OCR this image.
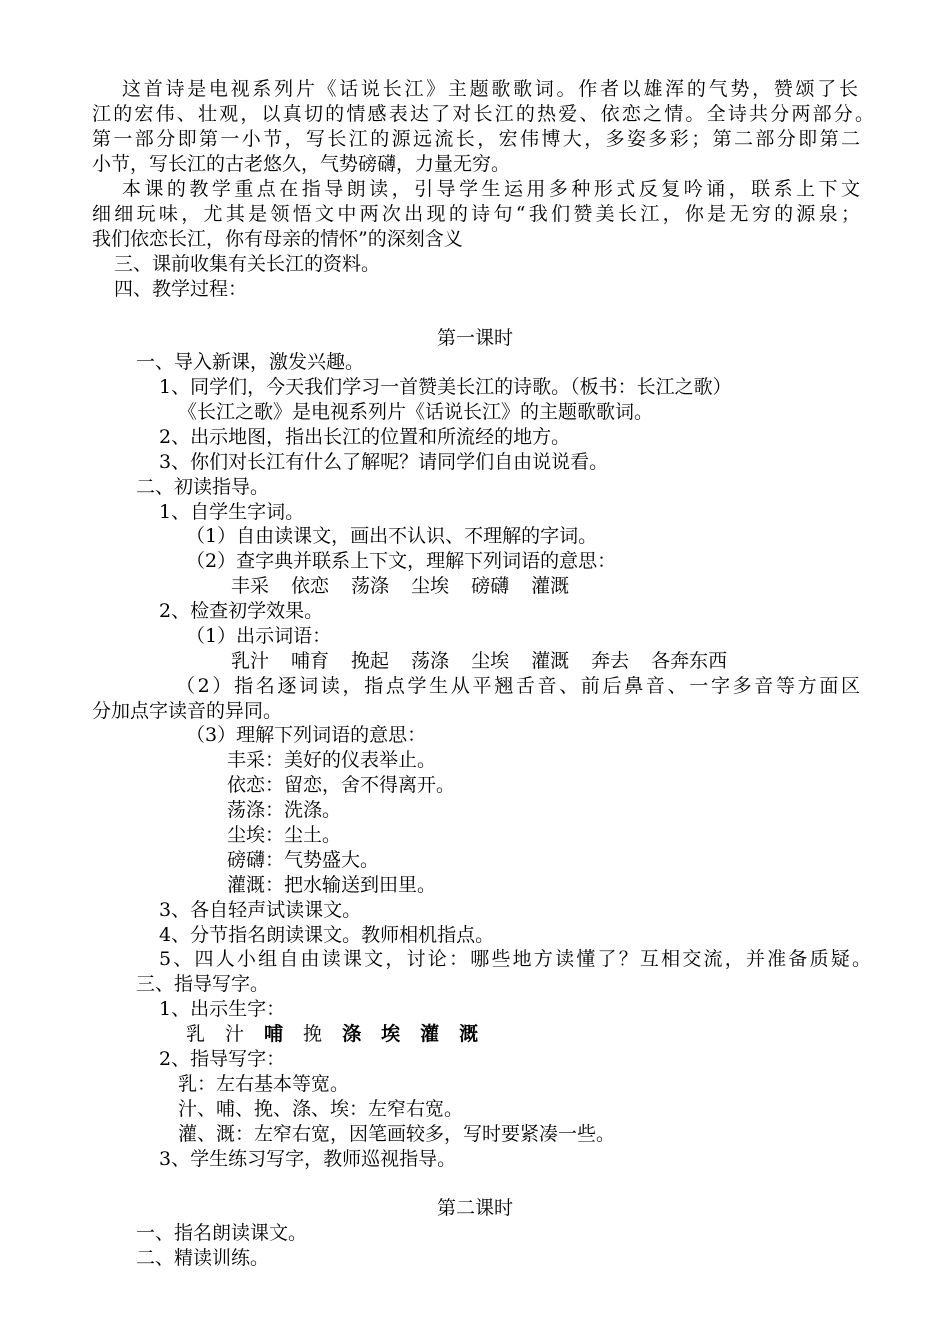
这首诗是电视系列片《话说长江》主题歌歌词。作者以雄浑的气势，赞颂了长
江的宏伟、壮观，以真切的情感表达了对长江的热爱、依恋之情。全诗共分两部分。
第一部分即第一小节，写长江的源远流长，宏伟博大，多姿多彩；第二部分即第二
小节，写长江的古老悠久，气势磅礴，力量无穷。
本课的教学重点在指导朗读，引导学生运用多种形式反复吟诵，联系上下文
细细玩味，尤其是领悟文中两次出现的诗句“我们赞美长江，你是无穷的源泉；
我们依恋长江，你有母亲的情怀”的深刻含义
三、课前收集有关长江的资料。
四、教学过程：
第一课时
一、导入新课，激发兴趣。
1、同学们，今天我们学习一首赞美长江的诗歌。（板书：长江之歌）
《长江之歌》是电视系列片《话说长江》的主题歌歌词。
2、出示地图，指出长江的位置和所流经的地方。
3、你们对长江有什么了解呢？请同学们自由说说看。
二、初读指导。
1、自学生字词。
（1）自由读课文，画出不认识、不理解的字词。
（2）查字典并联系上下文，理解下列词语的意思：
丰采 依恋 荡涤 尘埃 磅礴 灌溉
2、检查初学效果。
（1）出示词语：
乳汁 哺育 挽起 荡涤 尘埃 灌溉 奔去 各奔东西
（2）指名逐词读，指点学生从平翘舌音、前后鼻音、一字多音等方面区
分加点字读音的异同。
（3）理解下列词语的意思：
丰采：美好的仪表举止。
依恋：留恋，舍不得离开。
荡涤：洗涤。
尘埃：尘土。
磅礴：气势盛大。
灌溉：把水输送到田里。
3、各自轻声试读课文。
4、分节指名朗读课文。教师相机指点。
5、四人小组自由读课文，讨论：哪些地方读懂了？互相交流，并准备质疑。
三、指导写字。
1、出示生字：
乳 汁 哺 挽 涤 埃 灌 溉
2、指导写字：
乳：左右基本等宽。
汁、哺、挽、涤、埃：左窄右宽。
灌、溉：左窄右宽，因笔画较多，写时要紧凑一些。
3、学生练习写字，教师巡视指导。
第二课时
一、指名朗读课文。
二、精读训练。
